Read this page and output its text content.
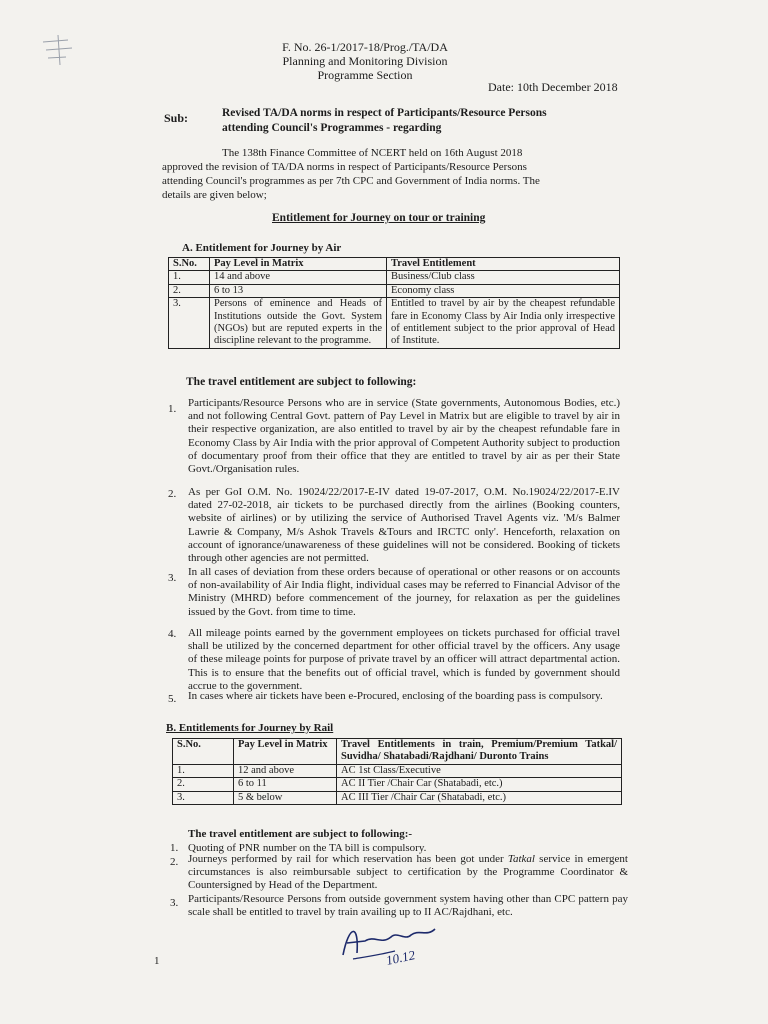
F. No. 26-1/2017-18/Prog./TA/DA
Planning and Monitoring Division
Programme Section
Date: 10th December 2018
Sub:	Revised TA/DA norms in respect of Participants/Resource Persons
attending Council's Programmes - regarding
The 138th Finance Committee of NCERT held on 16th August 2018
approved the revision of TA/DA norms in respect of Participants/Resource Persons
attending Council's programmes as per 7th CPC and Government of India norms. The
details are given below;
Entitlement for Journey on tour or training
A. Entitlement for Journey by Air
S.No.	Pay Level in Matrix	Travel Entitlement
1.	14 and above	Business/Club class
2.	6 to 13	Economy class
3.	Persons of eminence and Heads of Institutions outside the Govt. System (NGOs) but are reputed experts in the discipline relevant to the programme.	Entitled to travel by air by the cheapest refundable fare in Economy Class by Air India only irrespective of entitlement subject to the prior approval of Head of Institute.
The travel entitlement are subject to following:
1. Participants/Resource Persons who are in service (State governments, Autonomous Bodies, etc.) and not following Central Govt. pattern of Pay Level in Matrix but are eligible to travel by air in their respective organization, are also entitled to travel by air by the cheapest refundable fare in Economy Class by Air India with the prior approval of Competent Authority subject to production of documentary proof from their office that they are entitled to travel by air as per their State Govt./Organisation rules.
2. As per GoI O.M. No. 19024/22/2017-E-IV dated 19-07-2017, O.M. No.19024/22/2017-E.IV dated 27-02-2018, air tickets to be purchased directly from the airlines (Booking counters, website of airlines) or by utilizing the service of Authorised Travel Agents viz. 'M/s Balmer Lawrie & Company, M/s Ashok Travels &Tours and IRCTC only'. Henceforth, relaxation on account of ignorance/unawareness of these guidelines will not be considered. Booking of tickets through other agencies are not permitted.
3. In all cases of deviation from these orders because of operational or other reasons or on accounts of non-availability of Air India flight, individual cases may be referred to Financial Advisor of the Ministry (MHRD) before commencement of the journey, for relaxation as per the guidelines issued by the Govt. from time to time.
4. All mileage points earned by the government employees on tickets purchased for official travel shall be utilized by the concerned department for other official travel by the officers. Any usage of these mileage points for purpose of private travel by an officer will attract departmental action. This is to ensure that the benefits out of official travel, which is funded by government should accrue to the government.
5. In cases where air tickets have been e-Procured, enclosing of the boarding pass is compulsory.
B. Entitlements for Journey by Rail
S.No.	Pay Level in Matrix	Travel Entitlements in train, Premium/Premium Tatkal/ Suvidha/ Shatabadi/Rajdhani/ Duronto Trains
1.	12 and above	AC 1st Class/Executive
2.	6 to 11	AC II Tier /Chair Car (Shatabadi, etc.)
3.	5 & below	AC III Tier /Chair Car (Shatabadi, etc.)
The travel entitlement are subject to following:-
1. Quoting of PNR number on the TA bill is compulsory.
2. Journeys performed by rail for which reservation has been got under Tatkal service in emergent circumstances is also reimbursable subject to certification by the Programme Coordinator & Countersigned by Head of the Department.
3. Participants/Resource Persons from outside government system having other than CPC pattern pay scale shall be entitled to travel by train availing up to II AC/Rajdhani, etc.
10.12
1
